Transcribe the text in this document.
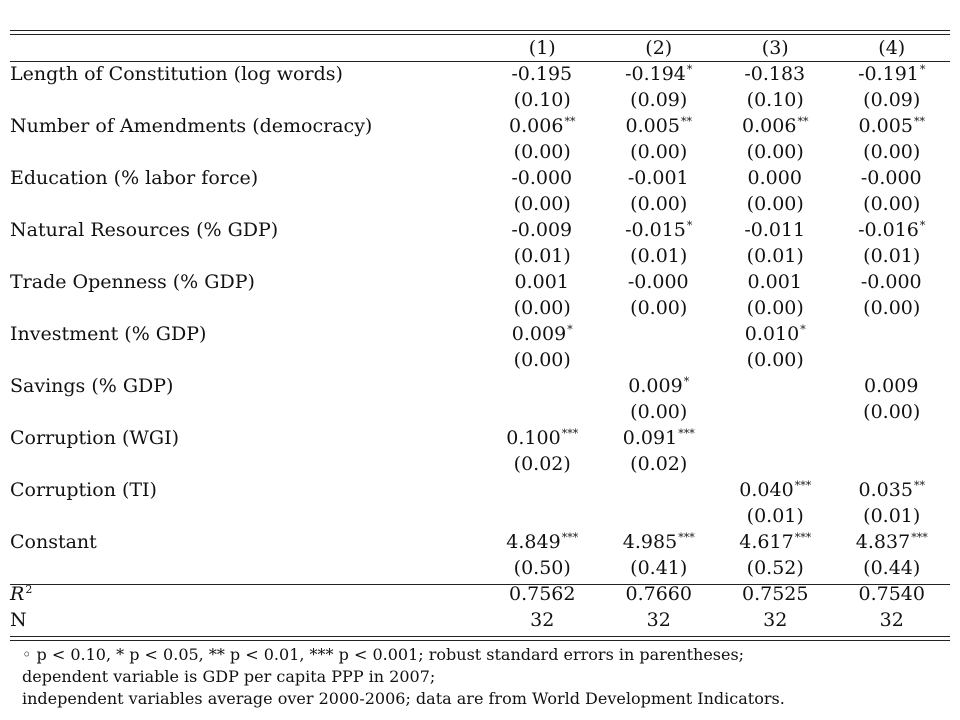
	(1)	(2)	(3)	(4)
Length of Constitution (log words)	-0.195	-0.194*	-0.183	-0.191*
	(0.10)	(0.09)	(0.10)	(0.09)
Number of Amendments (democracy)	0.006**	0.005**	0.006**	0.005**
	(0.00)	(0.00)	(0.00)	(0.00)
Education (% labor force)	-0.000	-0.001	0.000	-0.000
	(0.00)	(0.00)	(0.00)	(0.00)
Natural Resources (% GDP)	-0.009	-0.015*	-0.011	-0.016*
	(0.01)	(0.01)	(0.01)	(0.01)
Trade Openness (% GDP)	0.001	-0.000	0.001	-0.000
	(0.00)	(0.00)	(0.00)	(0.00)
Investment (% GDP)	0.009*		0.010*	
	(0.00)		(0.00)	
Savings (% GDP)		0.009*		0.009
		(0.00)		(0.00)
Corruption (WGI)	0.100***	0.091***		
	(0.02)	(0.02)		
Corruption (TI)			0.040***	0.035**
			(0.01)	(0.01)
Constant	4.849***	4.985***	4.617***	4.837***
	(0.50)	(0.41)	(0.52)	(0.44)
$R^2$	0.7562	0.7660	0.7525	0.7540
N	32	32	32	32
◦ p < 0.10, * p < 0.05, ** p < 0.01, *** p < 0.001; robust standard errors in parentheses;
dependent variable is GDP per capita PPP in 2007;
independent variables average over 2000-2006; data are from World Development Indicators.
